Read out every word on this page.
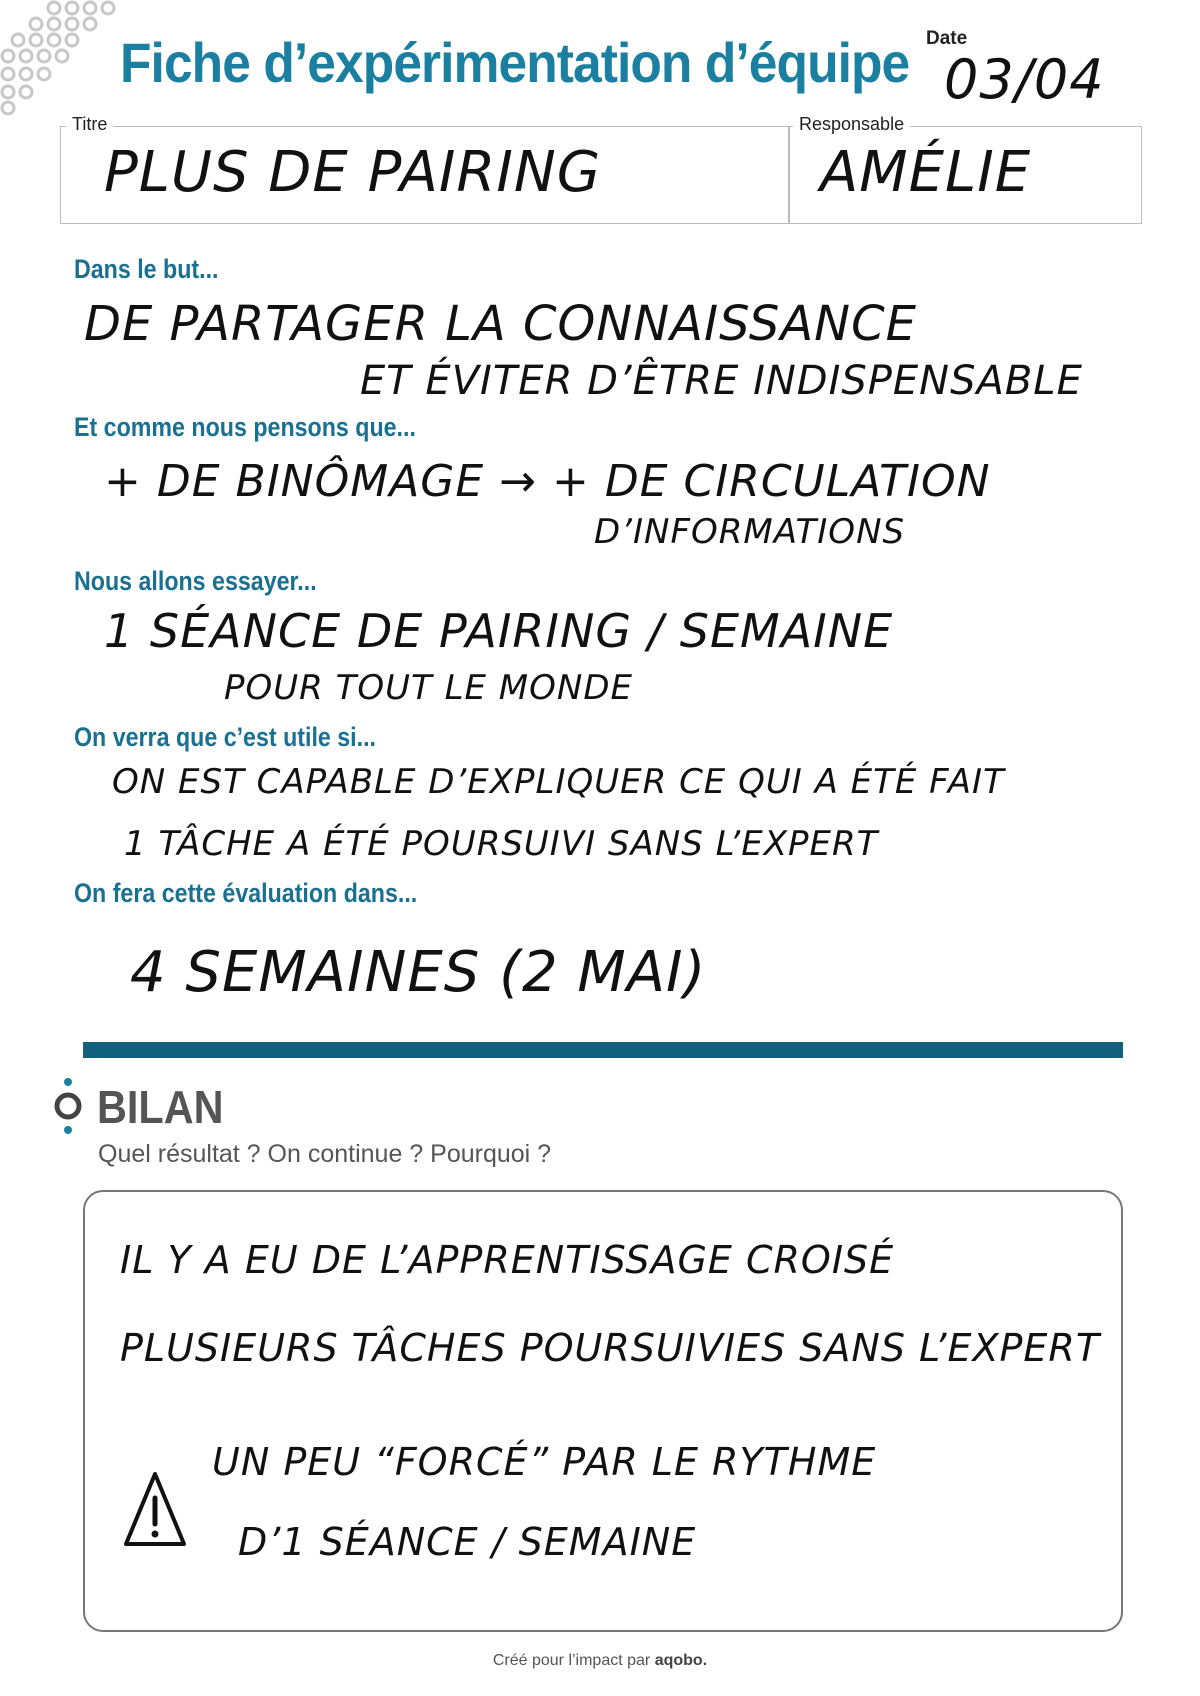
Fiche d’expérimentation d’équipe Date
03/04
Titre	Responsable
PLUS DE PAIRING	AMÉLIE
Dans le but...
DE PARTAGER LA CONNAISSANCE
ET ÉVITER D’ÊTRE INDISPENSABLE
Et comme nous pensons que...
+ DE BINÔMAGE → + DE CIRCULATION
D’INFORMATIONS
Nous allons essayer...
1 SÉANCE DE PAIRING / SEMAINE
POUR TOUT LE MONDE
On verra que c’est utile si...
ON EST CAPABLE D’EXPLIQUER CE QUI A ÉTÉ FAIT
1 TÂCHE A ÉTÉ POURSUIVI SANS L’EXPERT
On fera cette évaluation dans...
4 SEMAINES (2 MAI)
BILAN
Quel résultat ? On continue ? Pourquoi ?
IL Y A EU DE L’APPRENTISSAGE CROISÉ
PLUSIEURS TÂCHES POURSUIVIES SANS L’EXPERT
UN PEU “FORCÉ” PAR LE RYTHME
D’1 SÉANCE / SEMAINE
Créé pour l’impact par aqobo.
